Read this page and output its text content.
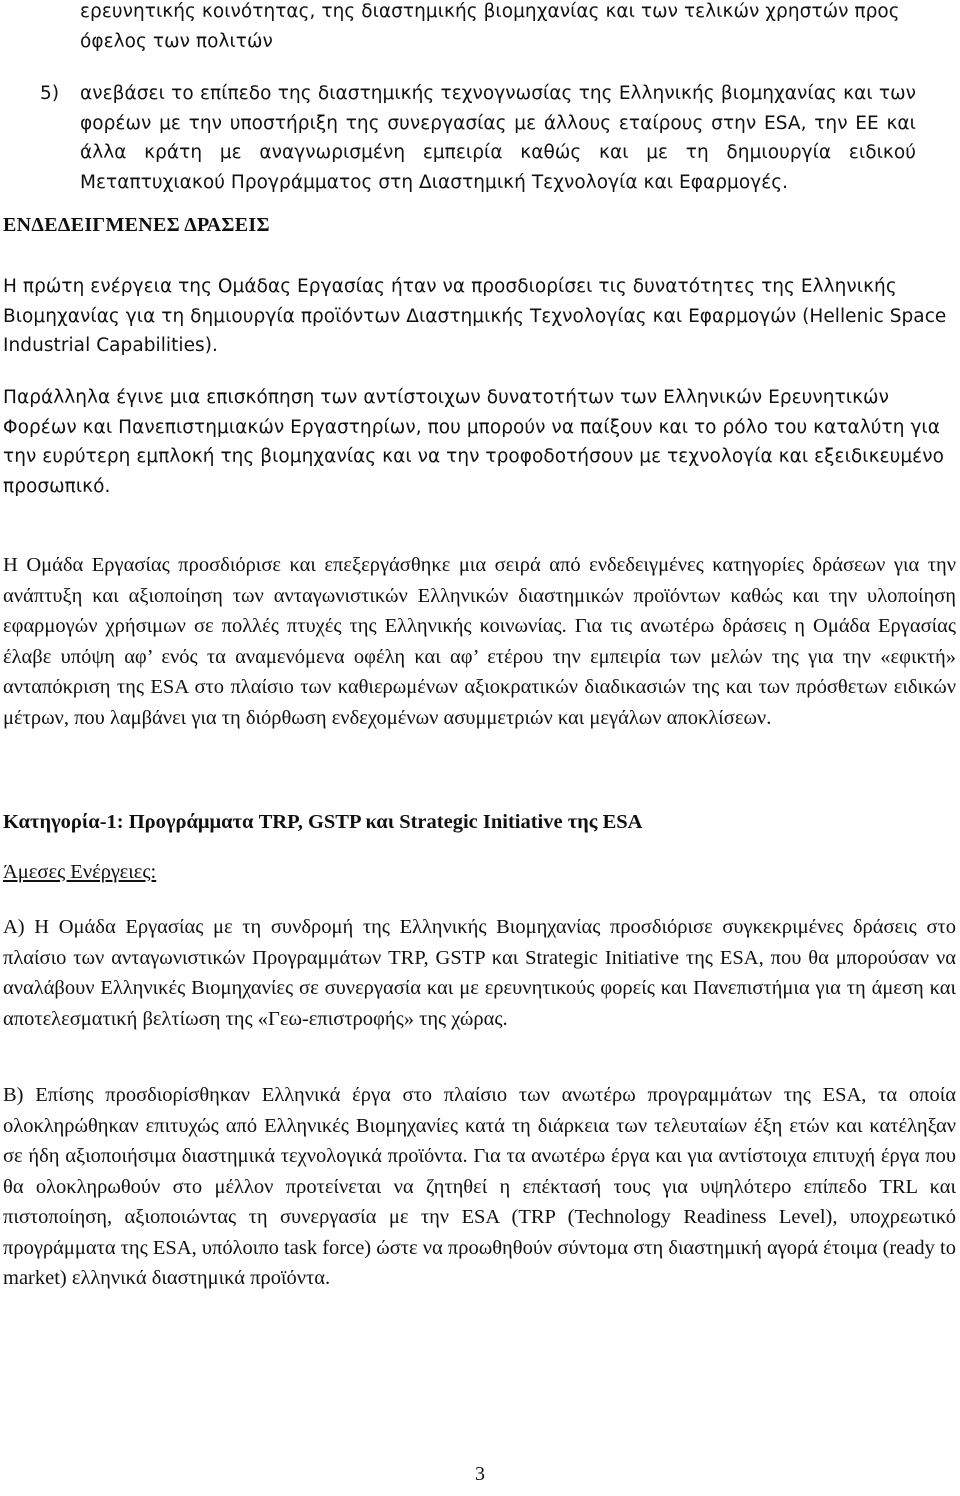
ερευνητικής κοινότητας, της διαστημικής βιομηχανίας και των τελικών χρηστών προς όφελος των πολιτών
5)	ανεβάσει το επίπεδο της διαστημικής τεχνογνωσίας της Ελληνικής βιομηχανίας και των φορέων με την υποστήριξη της συνεργασίας με άλλους εταίρους στην ESA, την ΕΕ και άλλα κράτη με αναγνωρισμένη εμπειρία καθώς και με τη δημιουργία ειδικού Μεταπτυχιακού Προγράμματος στη Διαστημική Τεχνολογία και Εφαρμογές.
ΕΝΔΕΔΕΙΓΜΕΝΕΣ ΔΡΑΣΕΙΣ
Η πρώτη ενέργεια της Ομάδας Εργασίας ήταν να προσδιορίσει τις δυνατότητες της Ελληνικής Βιομηχανίας για τη δημιουργία προϊόντων Διαστημικής Τεχνολογίας και Εφαρμογών (Hellenic Space Industrial Capabilities).
Παράλληλα έγινε μια επισκόπηση των αντίστοιχων δυνατοτήτων των Ελληνικών Ερευνητικών Φορέων και Πανεπιστημιακών Εργαστηρίων, που μπορούν να παίξουν και το ρόλο του καταλύτη για την ευρύτερη εμπλοκή της βιομηχανίας και να την τροφοδοτήσουν με τεχνολογία και εξειδικευμένο προσωπικό.
Η Ομάδα Εργασίας προσδιόρισε και επεξεργάσθηκε μια σειρά από ενδεδειγμένες κατηγορίες δράσεων για την ανάπτυξη και αξιοποίηση των ανταγωνιστικών Ελληνικών διαστημικών προϊόντων καθώς και την υλοποίηση εφαρμογών χρήσιμων σε πολλές πτυχές της Ελληνικής κοινωνίας. Για τις ανωτέρω δράσεις η Ομάδα Εργασίας έλαβε υπόψη αφ’ ενός τα αναμενόμενα οφέλη και αφ’ ετέρου την εμπειρία των μελών της για την «εφικτή» ανταπόκριση της ESA στο πλαίσιο των καθιερωμένων αξιοκρατικών διαδικασιών της και των πρόσθετων ειδικών μέτρων, που λαμβάνει για τη διόρθωση ενδεχομένων ασυμμετριών και μεγάλων αποκλίσεων.
Κατηγορία-1: Προγράμματα TRP, GSTP και Strategic Initiative της ESA
Άμεσες Ενέργειες:
Α) Η Ομάδα Εργασίας με τη συνδρομή της Ελληνικής Βιομηχανίας προσδιόρισε συγκεκριμένες δράσεις στο πλαίσιο των ανταγωνιστικών Προγραμμάτων TRP, GSTP και Strategic Initiative της ESA, που θα μπορούσαν να αναλάβουν Ελληνικές Βιομηχανίες σε συνεργασία και με ερευνητικούς φορείς και Πανεπιστήμια για τη άμεση και αποτελεσματική βελτίωση της «Γεω-επιστροφής» της χώρας.
Β) Επίσης προσδιορίσθηκαν Ελληνικά έργα στο πλαίσιο των ανωτέρω προγραμμάτων της ESA, τα οποία ολοκληρώθηκαν επιτυχώς από Ελληνικές Βιομηχανίες κατά τη διάρκεια των τελευταίων έξη ετών και κατέληξαν σε ήδη αξιοποιήσιμα διαστημικά τεχνολογικά προϊόντα. Για τα ανωτέρω έργα και για αντίστοιχα επιτυχή έργα που θα ολοκληρωθούν στο μέλλον προτείνεται να ζητηθεί η επέκτασή τους για υψηλότερο επίπεδο TRL και πιστοποίηση, αξιοποιώντας τη συνεργασία με την ESA (TRP (Technology Readiness Level), υποχρεωτικό προγράμματα της ESA, υπόλοιπο task force) ώστε να προωθηθούν σύντομα στη διαστημική αγορά έτοιμα (ready to market) ελληνικά διαστημικά προϊόντα.
3
